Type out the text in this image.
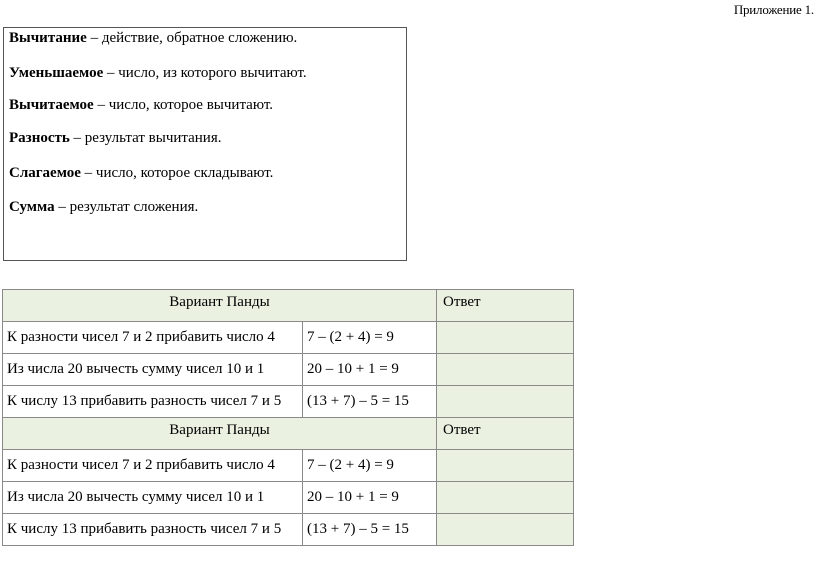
Приложение 1.
Вычитание – действие, обратное сложению.
Уменьшаемое – число, из которого вычитают.
Вычитаемое – число, которое вычитают.
Разность – результат вычитания.
Слагаемое – число, которое складывают.
Сумма – результат сложения.
Вариант Панды		Ответ
К разности чисел 7 и 2 прибавить число 4	7 – (2 + 4) = 9	
Из числа 20 вычесть сумму чисел 10 и 1	20 – 10 + 1 = 9	
К числу 13 прибавить разность чисел 7 и 5	(13 + 7) – 5 = 15	
Вариант Панды		Ответ
К разности чисел 7 и 2 прибавить число 4	7 – (2 + 4) = 9	
Из числа 20 вычесть сумму чисел 10 и 1	20 – 10 + 1 = 9	
К числу 13 прибавить разность чисел 7 и 5	(13 + 7) – 5 = 15	
